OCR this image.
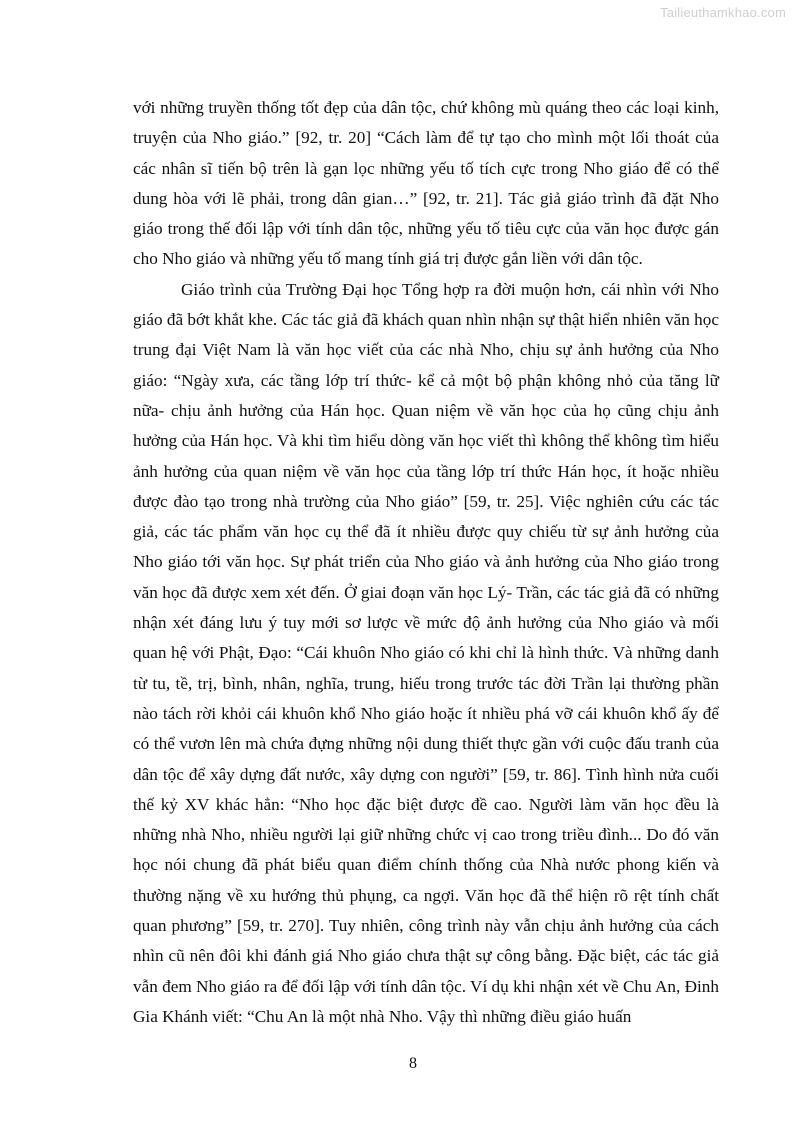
Tailieuthamkhao.com

với những truyền thống tốt đẹp của dân tộc, chứ không mù quáng theo các loại kinh, truyện của Nho giáo.” [92, tr. 20] “Cách làm để tự tạo cho mình một lối thoát của các nhân sĩ tiến bộ trên là gạn lọc những yếu tố tích cực trong Nho giáo để có thể dung hòa với lẽ phải, trong dân gian…” [92, tr. 21]. Tác giả giáo trình đã đặt Nho giáo trong thế đối lập với tính dân tộc, những yếu tố tiêu cực của văn học được gán cho Nho giáo và những yếu tố mang tính giá trị được gắn liền với dân tộc.

Giáo trình của Trường Đại học Tổng hợp ra đời muộn hơn, cái nhìn với Nho giáo đã bớt khắt khe. Các tác giả đã khách quan nhìn nhận sự thật hiển nhiên văn học trung đại Việt Nam là văn học viết của các nhà Nho, chịu sự ảnh hưởng của Nho giáo: “Ngày xưa, các tầng lớp trí thức- kể cả một bộ phận không nhỏ của tăng lữ nữa- chịu ảnh hưởng của Hán học. Quan niệm về văn học của họ cũng chịu ảnh hưởng của Hán học. Và khi tìm hiểu dòng văn học viết thì không thể không tìm hiểu ảnh hưởng của quan niệm về văn học của tầng lớp trí thức Hán học, ít hoặc nhiều được đào tạo trong nhà trường của Nho giáo” [59, tr. 25]. Việc nghiên cứu các tác giả, các tác phẩm văn học cụ thể đã ít nhiều được quy chiếu từ sự ảnh hưởng của Nho giáo tới văn học. Sự phát triển của Nho giáo và ảnh hưởng của Nho giáo trong văn học đã được xem xét đến. Ở giai đoạn văn học Lý- Trần, các tác giả đã có những nhận xét đáng lưu ý tuy mới sơ lược về mức độ ảnh hưởng của Nho giáo và mối quan hệ với Phật, Đạo: “Cái khuôn Nho giáo có khi chỉ là hình thức. Và những danh từ tu, tề, trị, bình, nhân, nghĩa, trung, hiếu trong trước tác đời Trần lại thường phần nào tách rời khỏi cái khuôn khổ Nho giáo hoặc ít nhiều phá vỡ cái khuôn khổ ấy để có thể vươn lên mà chứa đựng những nội dung thiết thực gần với cuộc đấu tranh của dân tộc để xây dựng đất nước, xây dựng con người” [59, tr. 86]. Tình hình nửa cuối thế kỷ XV khác hẳn: “Nho học đặc biệt được đề cao. Người làm văn học đều là những nhà Nho, nhiều người lại giữ những chức vị cao trong triều đình... Do đó văn học nói chung đã phát biểu quan điểm chính thống của Nhà nước phong kiến và thường nặng về xu hướng thủ phụng, ca ngợi. Văn học đã thể hiện rõ rệt tính chất quan phương” [59, tr. 270]. Tuy nhiên, công trình này vẫn chịu ảnh hưởng của cách nhìn cũ nên đôi khi đánh giá Nho giáo chưa thật sự công bằng. Đặc biệt, các tác giả vẫn đem Nho giáo ra để đối lập với tính dân tộc. Ví dụ khi nhận xét về Chu An, Đinh Gia Khánh viết: “Chu An là một nhà Nho. Vậy thì những điều giáo huấn

8
